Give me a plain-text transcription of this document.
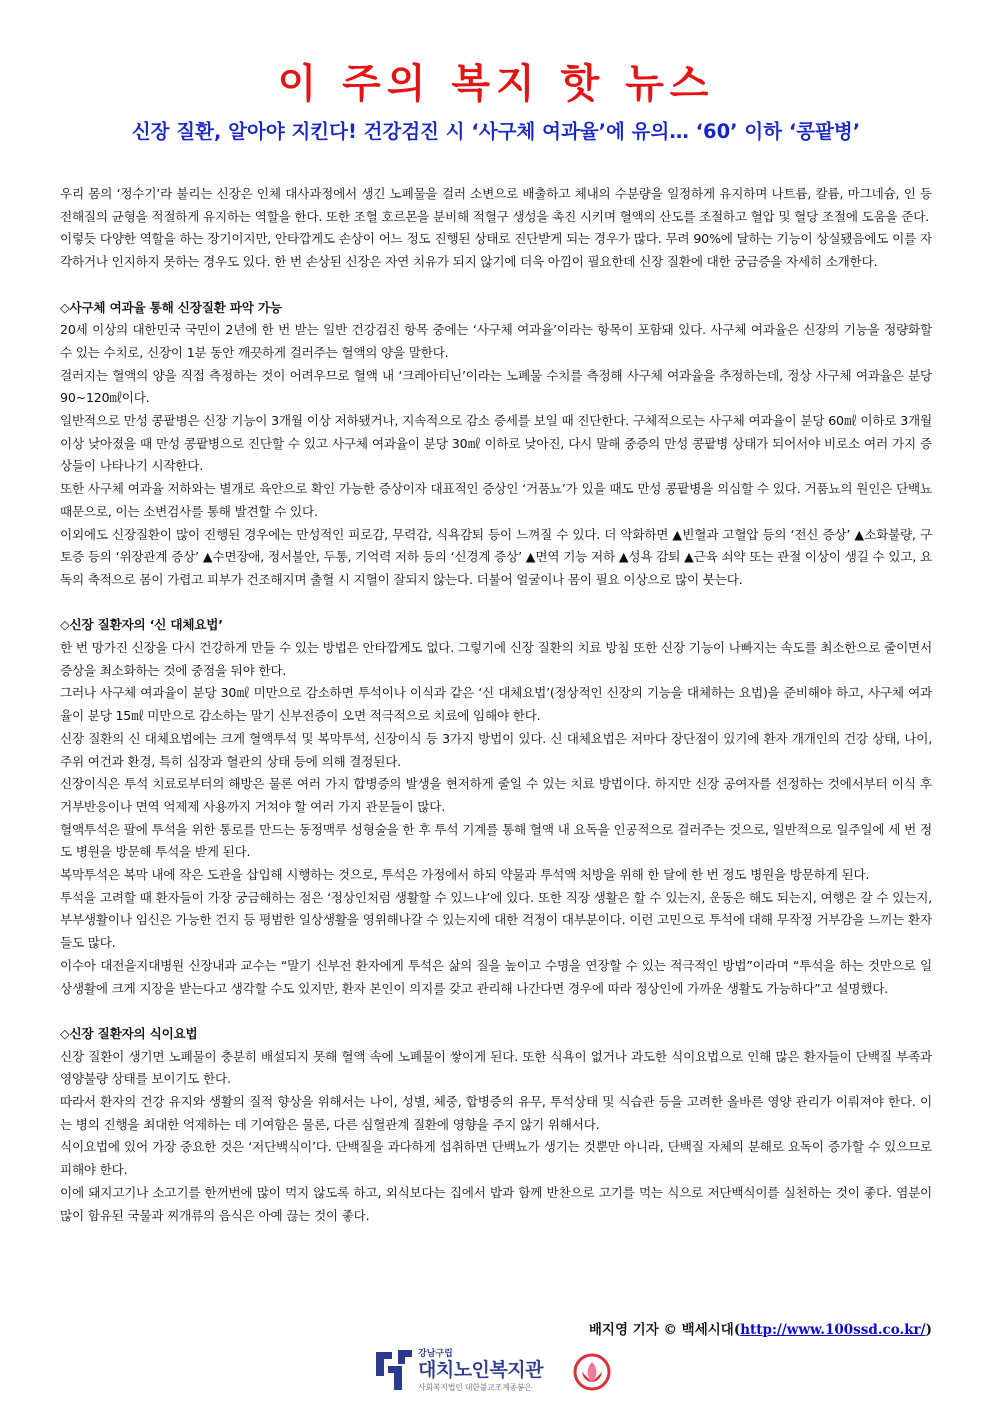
이 주의 복지 핫 뉴스
신장 질환, 알아야 지킨다! 건강검진 시 ‘사구체 여과율’에 유의… ‘60’ 이하 ‘콩팥병’

우리 몸의 ‘정수기’라 불리는 신장은 인체 대사과정에서 생긴 노폐물을 걸러 소변으로 배출하고 체내의 수분량을 일정하게 유지하며 나트륨, 칼륨, 마그네슘, 인 등 전해질의 균형을 적절하게 유지하는 역할을 한다. 또한 조혈 호르몬을 분비해 적혈구 생성을 촉진 시키며 혈액의 산도를 조절하고 혈압 및 혈당 조절에 도움을 준다.

이렇듯 다양한 역할을 하는 장기이지만, 안타깝게도 손상이 어느 정도 진행된 상태로 진단받게 되는 경우가 많다. 무려 90%에 달하는 기능이 상실됐음에도 이를 자각하거나 인지하지 못하는 경우도 있다. 한 번 손상된 신장은 자연 치유가 되지 않기에 더욱 아낌이 필요한데 신장 질환에 대한 궁금증을 자세히 소개한다.

◇사구체 여과율 통해 신장질환 파악 가능

20세 이상의 대한민국 국민이 2년에 한 번 받는 일반 건강검진 항목 중에는 ‘사구체 여과율’이라는 항목이 포함돼 있다. 사구체 여과율은 신장의 기능을 정량화할 수 있는 수치로, 신장이 1분 동안 깨끗하게 걸러주는 혈액의 양을 말한다.

걸러지는 혈액의 양을 직접 측정하는 것이 어려우므로 혈액 내 ‘크레아티닌’이라는 노폐물 수치를 측정해 사구체 여과율을 추정하는데, 정상 사구체 여과율은 분당 90~120㎖이다.

일반적으로 만성 콩팥병은 신장 기능이 3개월 이상 저하됐거나, 지속적으로 감소 증세를 보일 때 진단한다. 구체적으로는 사구체 여과율이 분당 60㎖ 이하로 3개월 이상 낮아졌을 때 만성 콩팥병으로 진단할 수 있고 사구체 여과율이 분당 30㎖ 이하로 낮아진, 다시 말해 중증의 만성 콩팥병 상태가 되어서야 비로소 여러 가지 증상들이 나타나기 시작한다.

또한 사구체 여과율 저하와는 별개로 육안으로 확인 가능한 증상이자 대표적인 증상인 ‘거품뇨’가 있을 때도 만성 콩팥병을 의심할 수 있다. 거품뇨의 원인은 단백뇨 때문으로, 이는 소변검사를 통해 발견할 수 있다.

이외에도 신장질환이 많이 진행된 경우에는 만성적인 피로감, 무력감, 식욕감퇴 등이 느껴질 수 있다. 더 악화하면 ▲빈혈과 고혈압 등의 ‘전신 증상’ ▲소화불량, 구토증 등의 ‘위장관계 증상’ ▲수면장애, 정서불안, 두통, 기억력 저하 등의 ‘신경계 증상’ ▲면역 기능 저하 ▲성욕 감퇴 ▲근육 쇠약 또는 관절 이상이 생길 수 있고, 요독의 축적으로 몸이 가렵고 피부가 건조해지며 출혈 시 지혈이 잘되지 않는다. 더불어 얼굴이나 몸이 필요 이상으로 많이 붓는다.

◇신장 질환자의 ‘신 대체요법’

한 번 망가진 신장을 다시 건강하게 만들 수 있는 방법은 안타깝게도 없다. 그렇기에 신장 질환의 치료 방침 또한 신장 기능이 나빠지는 속도를 최소한으로 줄이면서 증상을 최소화하는 것에 중점을 둬야 한다.

그러나 사구체 여과율이 분당 30㎖ 미만으로 감소하면 투석이나 이식과 같은 ‘신 대체요법’(정상적인 신장의 기능을 대체하는 요법)을 준비해야 하고, 사구체 여과율이 분당 15㎖ 미만으로 감소하는 말기 신부전증이 오면 적극적으로 치료에 임해야 한다.

신장 질환의 신 대체요법에는 크게 혈액투석 및 복막투석, 신장이식 등 3가지 방법이 있다. 신 대체요법은 저마다 장단점이 있기에 환자 개개인의 건강 상태, 나이, 주위 여건과 환경, 특히 심장과 혈관의 상태 등에 의해 결정된다.

신장이식은 투석 치료로부터의 해방은 물론 여러 가지 합병증의 발생을 현저하게 줄일 수 있는 치료 방법이다. 하지만 신장 공여자를 선정하는 것에서부터 이식 후 거부반응이나 면역 억제제 사용까지 거쳐야 할 여러 가지 관문들이 많다.

혈액투석은 팔에 투석을 위한 통로를 만드는 동정맥루 성형술을 한 후 투석 기계를 통해 혈액 내 요독을 인공적으로 걸러주는 것으로, 일반적으로 일주일에 세 번 정도 병원을 방문해 투석을 받게 된다.

복막투석은 복막 내에 작은 도관을 삽입해 시행하는 것으로, 투석은 가정에서 하되 약물과 투석액 처방을 위해 한 달에 한 번 정도 병원을 방문하게 된다.

투석을 고려할 때 환자들이 가장 궁금해하는 점은 ‘정상인처럼 생활할 수 있느냐’에 있다. 또한 직장 생활은 할 수 있는지, 운동은 해도 되는지, 여행은 갈 수 있는지, 부부생활이나 임신은 가능한 건지 등 평범한 일상생활을 영위해나갈 수 있는지에 대한 걱정이 대부분이다. 이런 고민으로 투석에 대해 무작정 거부감을 느끼는 환자들도 많다.

이수아 대전을지대병원 신장내과 교수는 “말기 신부전 환자에게 투석은 삶의 질을 높이고 수명을 연장할 수 있는 적극적인 방법”이라며 “투석을 하는 것만으로 일상생활에 크게 지장을 받는다고 생각할 수도 있지만, 환자 본인이 의지를 갖고 관리해 나간다면 경우에 따라 정상인에 가까운 생활도 가능하다”고 설명했다.

◇신장 질환자의 식이요법

신장 질환이 생기면 노폐물이 충분히 배설되지 못해 혈액 속에 노폐물이 쌓이게 된다. 또한 식욕이 없거나 과도한 식이요법으로 인해 많은 환자들이 단백질 부족과 영양불량 상태를 보이기도 한다.

따라서 환자의 건강 유지와 생활의 질적 향상을 위해서는 나이, 성별, 체중, 합병증의 유무, 투석상태 및 식습관 등을 고려한 올바른 영양 관리가 이뤄져야 한다. 이는 병의 진행을 최대한 억제하는 데 기여함은 물론, 다른 심혈관계 질환에 영향을 주지 않기 위해서다.

식이요법에 있어 가장 중요한 것은 ‘저단백식이’다. 단백질을 과다하게 섭취하면 단백뇨가 생기는 것뿐만 아니라, 단백질 자체의 분해로 요독이 증가할 수 있으므로 피해야 한다.

이에 돼지고기나 소고기를 한꺼번에 많이 먹지 않도록 하고, 외식보다는 집에서 밥과 함께 반찬으로 고기를 먹는 식으로 저단백식이를 실천하는 것이 좋다. 염분이 많이 함유된 국물과 찌개류의 음식은 아예 끊는 것이 좋다.

배지영 기자 © 백세시대(http://www.100ssd.co.kr/)
강남구립
대치노인복지관
사회복지법인 대한불교조계종봉은
